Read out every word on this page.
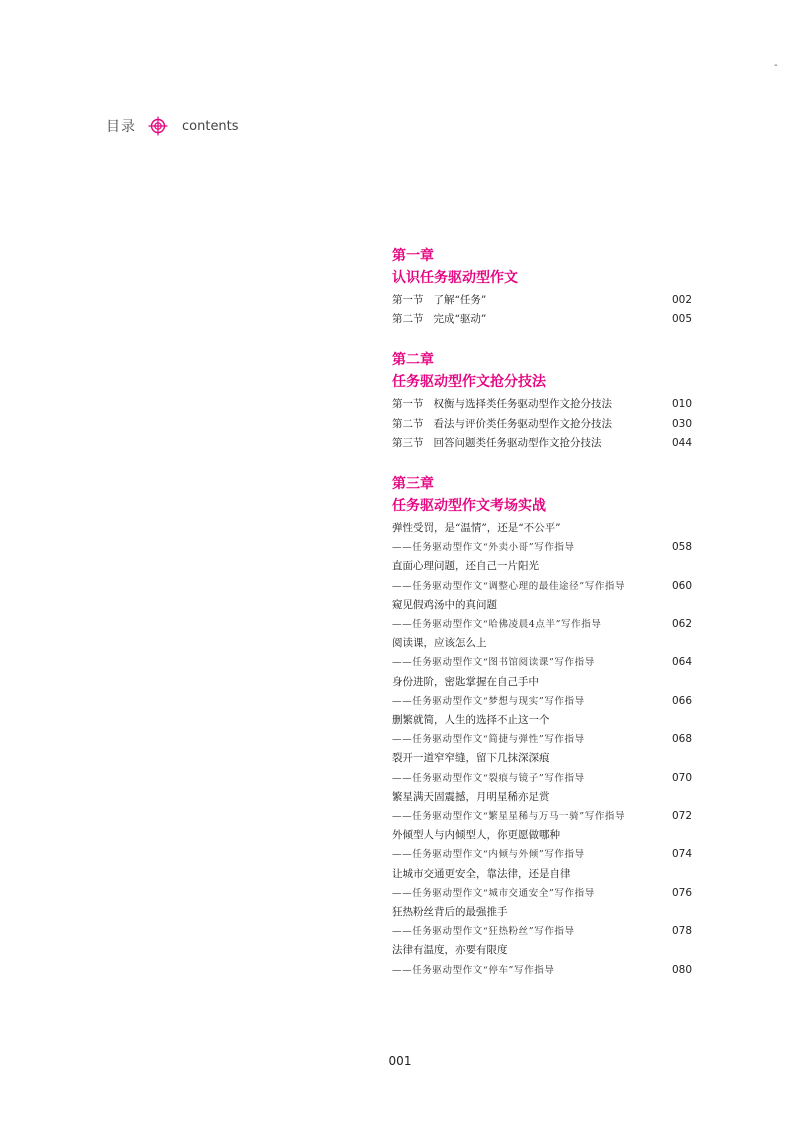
-
目录	contents
第一章
认识任务驱动型作文
第一节 了解“任务”	002
第二节 完成“驱动”	005
第二章
任务驱动型作文抢分技法
第一节 权衡与选择类任务驱动型作文抢分技法	010
第二节 看法与评价类任务驱动型作文抢分技法	030
第三节 回答问题类任务驱动型作文抢分技法	044
第三章
任务驱动型作文考场实战
弹性受罚，是“温情”，还是“不公平”
——任务驱动型作文“外卖小哥”写作指导	058
直面心理问题，还自己一片阳光
——任务驱动型作文“调整心理的最佳途径”写作指导	060
窥见假鸡汤中的真问题
——任务驱动型作文“哈佛凌晨4点半”写作指导	062
阅读课，应该怎么上
——任务驱动型作文“图书馆阅读课”写作指导	064
身份进阶，密匙掌握在自己手中
——任务驱动型作文“梦想与现实”写作指导	066
删繁就简，人生的选择不止这一个
——任务驱动型作文“简捷与弹性”写作指导	068
裂开一道窄窄缝，留下几抹深深痕
——任务驱动型作文“裂痕与镜子”写作指导	070
繁星满天固震撼，月明星稀亦足赏
——任务驱动型作文“繁星星稀与万马一骑”写作指导	072
外倾型人与内倾型人，你更愿做哪种
——任务驱动型作文“内倾与外倾”写作指导	074
让城市交通更安全，靠法律，还是自律
——任务驱动型作文“城市交通安全”写作指导	076
狂热粉丝背后的最强推手
——任务驱动型作文“狂热粉丝”写作指导	078
法律有温度，亦要有限度
——任务驱动型作文“停车”写作指导	080
001
